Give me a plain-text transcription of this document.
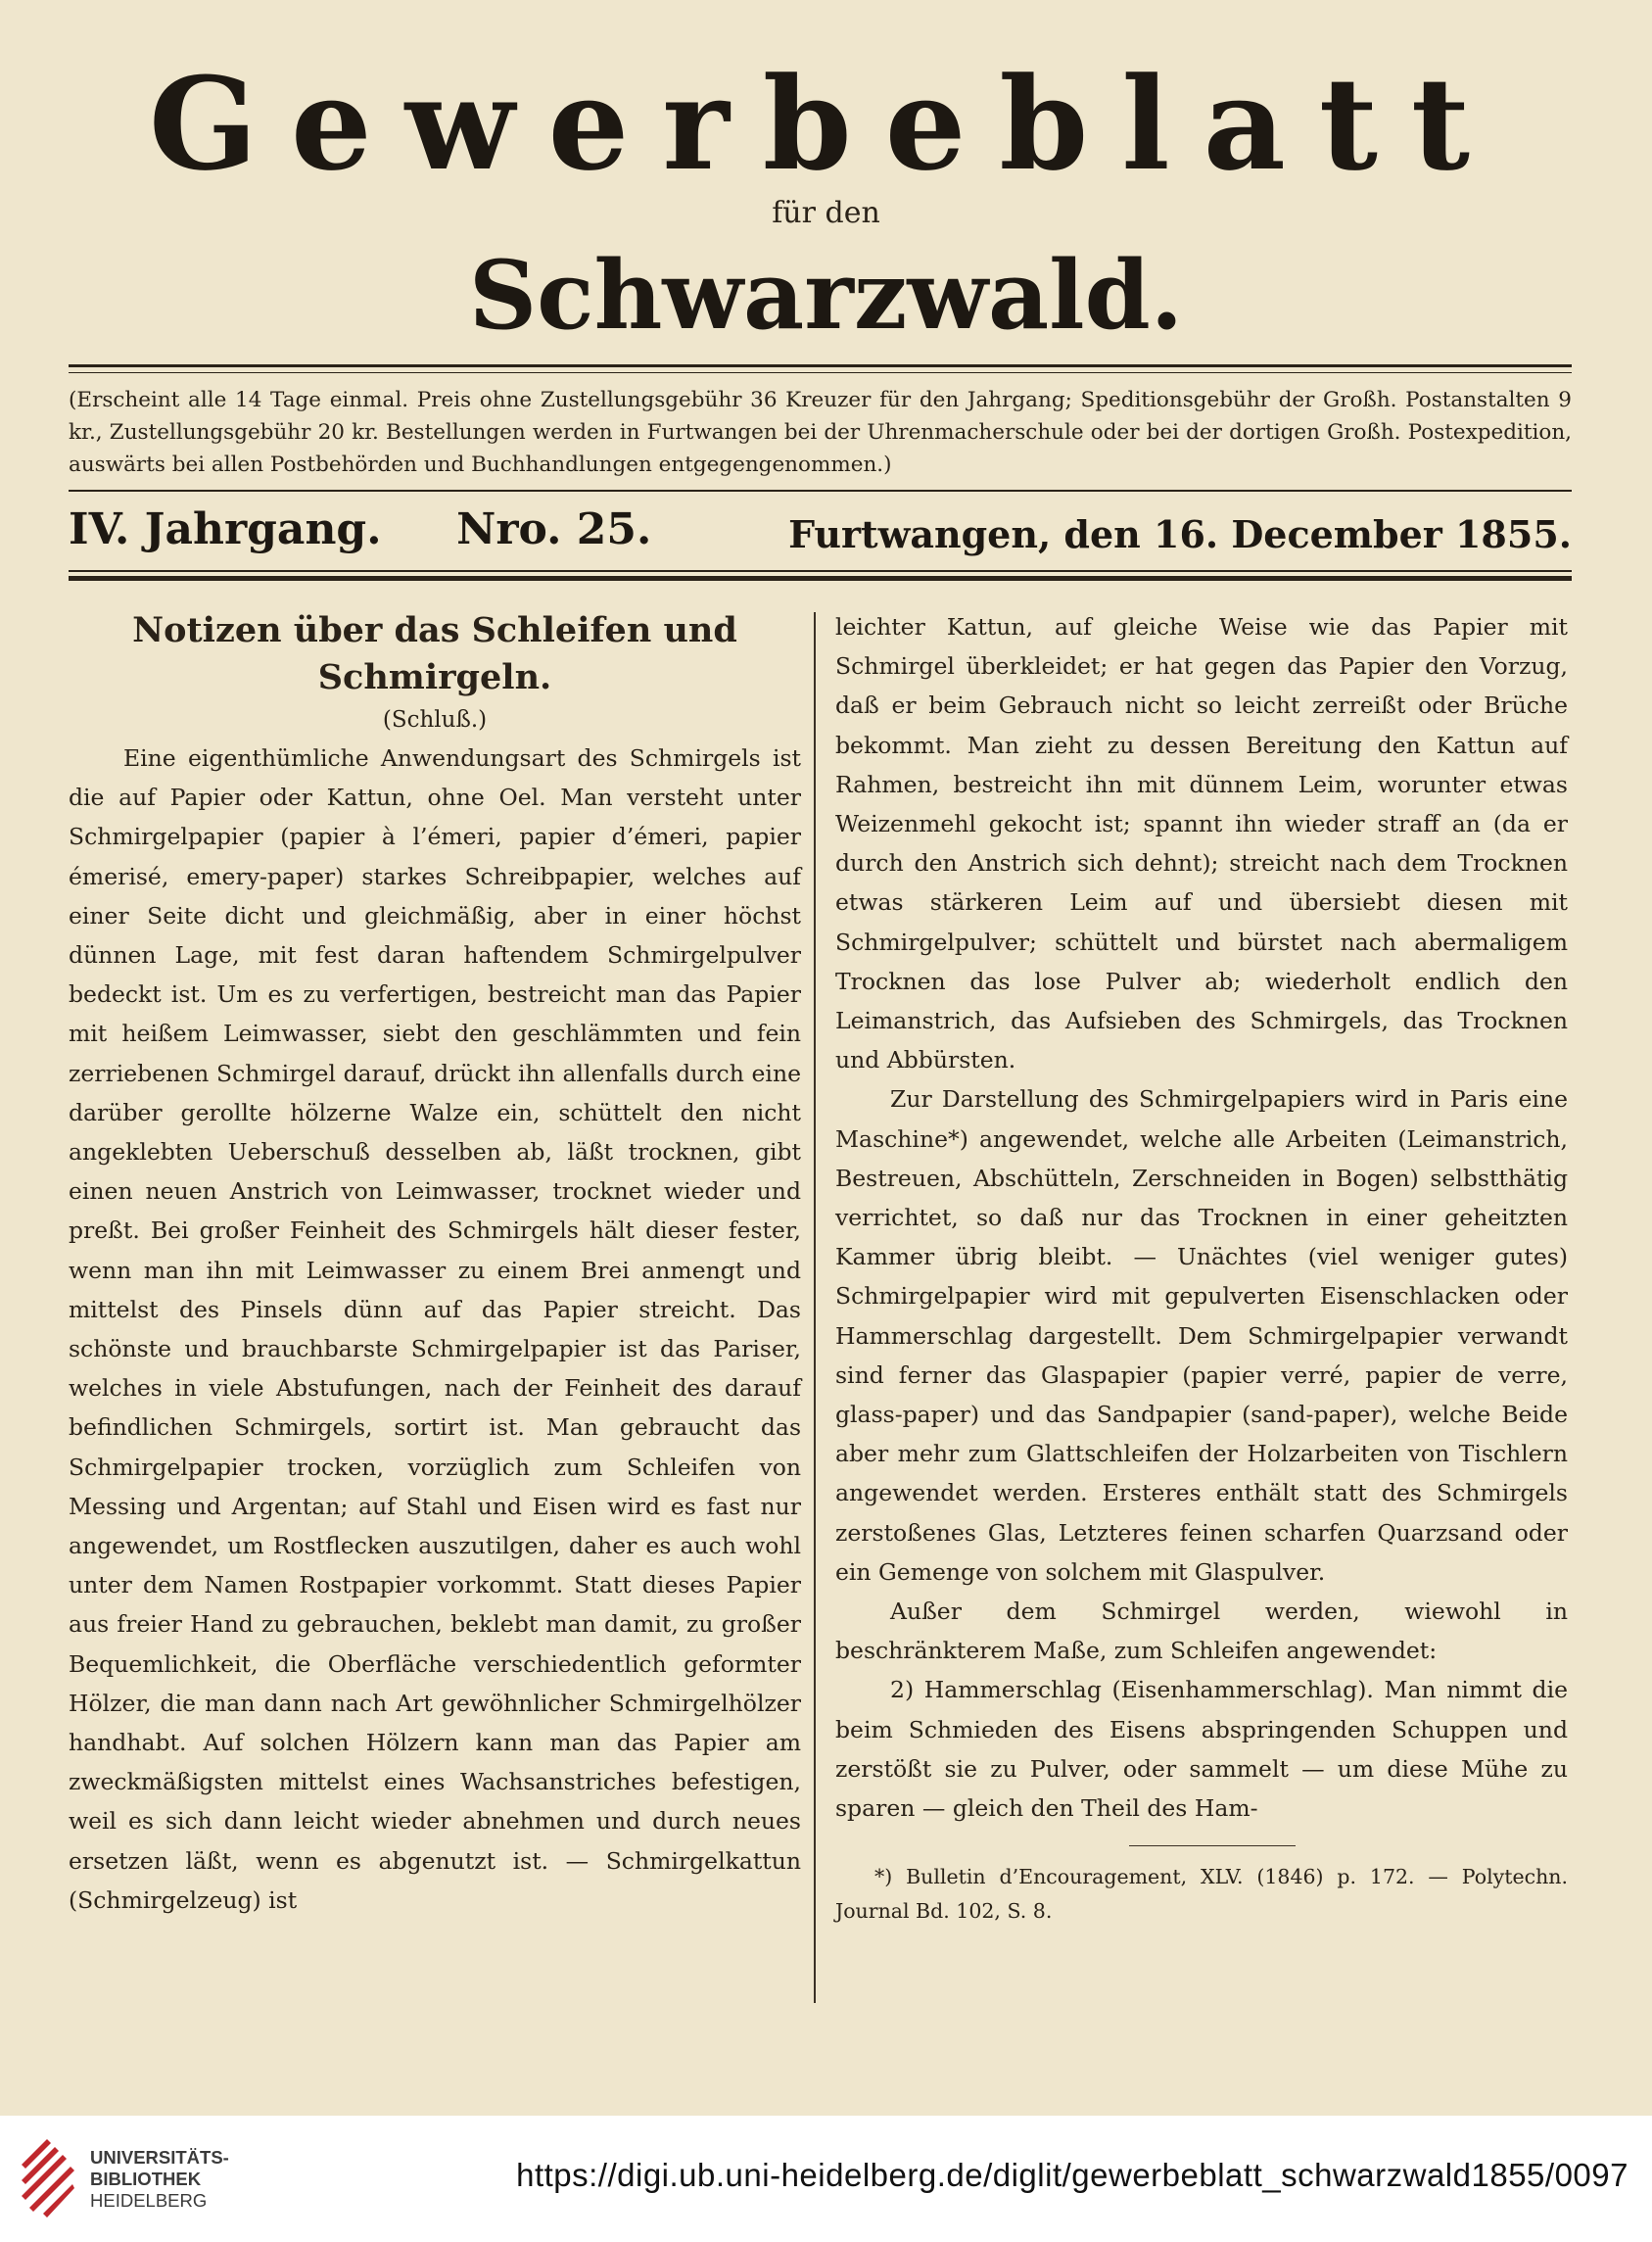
Gewerbeblatt
für den
Schwarzwald.
(Erscheint alle 14 Tage einmal. Preis ohne Zustellungsgebühr 36 Kreuzer für den Jahrgang; Speditionsgebühr der Großh. Postanstalten 9 kr., Zustellungsgebühr 20 kr. Bestellungen werden in Furtwangen bei der Uhrenmacherschule oder bei der dortigen Großh. Postexpedition, auswärts bei allen Postbehörden und Buchhandlungen entgegengenommen.)
IV. Jahrgang. Nro. 25.	Furtwangen, den 16. December 1855.
Notizen über das Schleifen und Schmirgeln.
(Schluß.)

Eine eigenthümliche Anwendungsart des Schmirgels ist die auf Papier oder Kattun, ohne Oel. Man versteht unter Schmirgelpapier (papier à l’émeri, papier d’émeri, papier émerisé, emery-paper) starkes Schreibpapier, welches auf einer Seite dicht und gleichmäßig, aber in einer höchst dünnen Lage, mit fest daran haftendem Schmirgelpulver bedeckt ist. Um es zu verfertigen, bestreicht man das Papier mit heißem Leimwasser, siebt den geschlämmten und fein zerriebenen Schmirgel darauf, drückt ihn allenfalls durch eine darüber gerollte hölzerne Walze ein, schüttelt den nicht angeklebten Ueberschuß desselben ab, läßt trocknen, gibt einen neuen Anstrich von Leimwasser, trocknet wieder und preßt. Bei großer Feinheit des Schmirgels hält dieser fester, wenn man ihn mit Leimwasser zu einem Brei anmengt und mittelst des Pinsels dünn auf das Papier streicht. Das schönste und brauchbarste Schmirgelpapier ist das Pariser, welches in viele Abstufungen, nach der Feinheit des darauf befindlichen Schmirgels, sortirt ist. Man gebraucht das Schmirgelpapier trocken, vorzüglich zum Schleifen von Messing und Argentan; auf Stahl und Eisen wird es fast nur angewendet, um Rostflecken auszutilgen, daher es auch wohl unter dem Namen Rostpapier vorkommt. Statt dieses Papier aus freier Hand zu gebrauchen, beklebt man damit, zu großer Bequemlichkeit, die Oberfläche verschiedentlich geformter Hölzer, die man dann nach Art gewöhnlicher Schmirgelhölzer handhabt. Auf solchen Hölzern kann man das Papier am zweckmäßigsten mittelst eines Wachsanstriches befestigen, weil es sich dann leicht wieder abnehmen und durch neues ersetzen läßt, wenn es abgenutzt ist. — Schmirgelkattun (Schmirgelzeug) ist

leichter Kattun, auf gleiche Weise wie das Papier mit Schmirgel überkleidet; er hat gegen das Papier den Vorzug, daß er beim Gebrauch nicht so leicht zerreißt oder Brüche bekommt. Man zieht zu dessen Bereitung den Kattun auf Rahmen, bestreicht ihn mit dünnem Leim, worunter etwas Weizenmehl gekocht ist; spannt ihn wieder straff an (da er durch den Anstrich sich dehnt); streicht nach dem Trocknen etwas stärkeren Leim auf und übersiebt diesen mit Schmirgelpulver; schüttelt und bürstet nach abermaligem Trocknen das lose Pulver ab; wiederholt endlich den Leimanstrich, das Aufsieben des Schmirgels, das Trocknen und Abbürsten.

Zur Darstellung des Schmirgelpapiers wird in Paris eine Maschine*) angewendet, welche alle Arbeiten (Leimanstrich, Bestreuen, Abschütteln, Zerschneiden in Bogen) selbstthätig verrichtet, so daß nur das Trocknen in einer geheitzten Kammer übrig bleibt. — Unächtes (viel weniger gutes) Schmirgelpapier wird mit gepulverten Eisenschlacken oder Hammerschlag dargestellt. Dem Schmirgelpapier verwandt sind ferner das Glaspapier (papier verré, papier de verre, glass-paper) und das Sandpapier (sand-paper), welche Beide aber mehr zum Glattschleifen der Holzarbeiten von Tischlern angewendet werden. Ersteres enthält statt des Schmirgels zerstoßenes Glas, Letzteres feinen scharfen Quarzsand oder ein Gemenge von solchem mit Glaspulver.

Außer dem Schmirgel werden, wiewohl in beschränkterem Maße, zum Schleifen angewendet:

2) Hammerschlag (Eisenhammerschlag). Man nimmt die beim Schmieden des Eisens abspringenden Schuppen und zerstößt sie zu Pulver, oder sammelt — um diese Mühe zu sparen — gleich den Theil des Ham-

*) Bulletin d’Encouragement, XLV. (1846) p. 172. — Polytechn. Journal Bd. 102, S. 8.
UNIVERSITÄTS-
BIBLIOTHEK
HEIDELBERG
https://digi.ub.uni-heidelberg.de/diglit/gewerbeblatt_schwarzwald1855/0097
